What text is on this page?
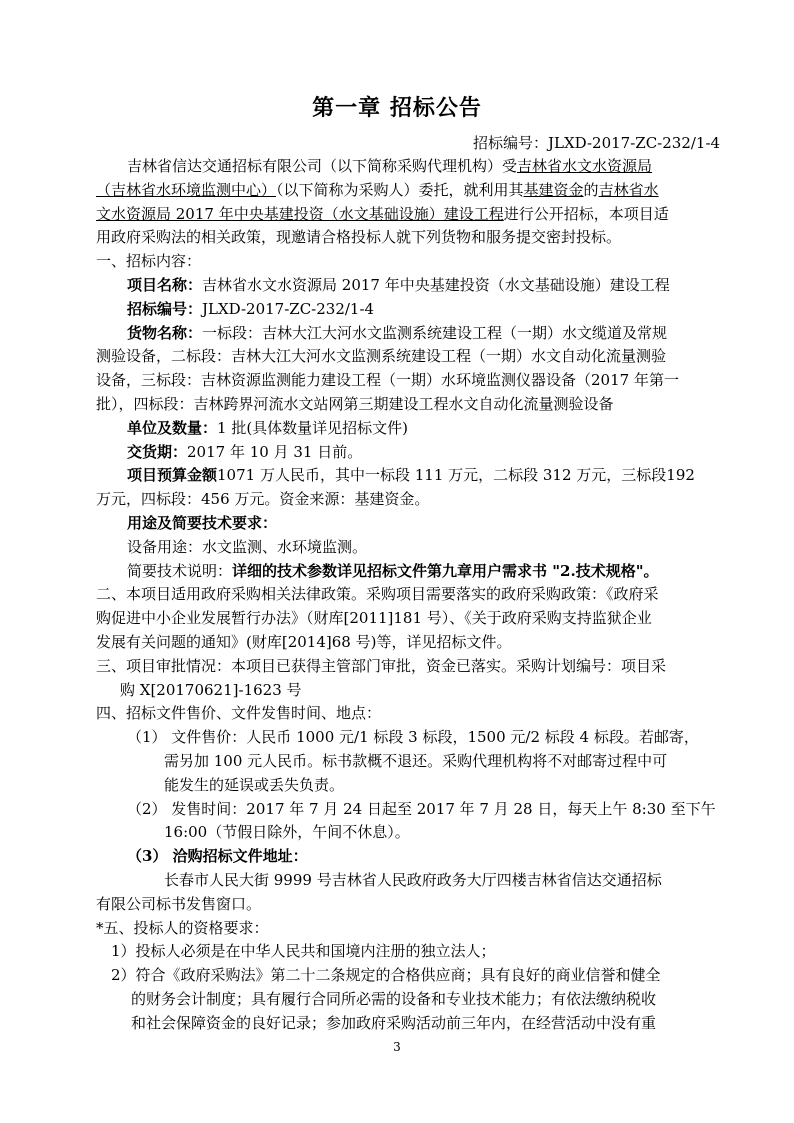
第一章 招标公告
招标编号：JLXD-2017-ZC-232/1-4
吉林省信达交通招标有限公司（以下简称采购代理机构）受吉林省水文水资源局
（吉林省水环境监测中心）（以下简称为采购人）委托，就利用其基建资金的吉林省水
文水资源局 2017 年中央基建投资（水文基础设施）建设工程进行公开招标，本项目适
用政府采购法的相关政策，现邀请合格投标人就下列货物和服务提交密封投标。
一、招标内容：
项目名称：吉林省水文水资源局 2017 年中央基建投资（水文基础设施）建设工程
招标编号：JLXD-2017-ZC-232/1-4
货物名称：一标段：吉林大江大河水文监测系统建设工程（一期）水文缆道及常规
测验设备，二标段：吉林大江大河水文监测系统建设工程（一期）水文自动化流量测验
设备，三标段：吉林资源监测能力建设工程（一期）水环境监测仪器设备（2017 年第一
批），四标段：吉林跨界河流水文站网第三期建设工程水文自动化流量测验设备
单位及数量：1 批(具体数量详见招标文件)
交货期：2017 年 10 月 31 日前。
项目预算金额1071 万人民币，其中一标段 111 万元，二标段 312 万元，三标段192
万元，四标段：456 万元。资金来源：基建资金。
用途及简要技术要求：
设备用途：水文监测、水环境监测。
简要技术说明：详细的技术参数详见招标文件第九章用户需求书 "2.技术规格"。
二、本项目适用政府采购相关法律政策。采购项目需要落实的政府采购政策：《政府采
购促进中小企业发展暂行办法》（财库[2011]181 号）、《关于政府采购支持监狱企业
发展有关问题的通知》(财库[2014]68 号)等，详见招标文件。
三、项目审批情况：本项目已获得主管部门审批，资金已落实。采购计划编号：项目采
购 X[20170621]-1623 号
四、招标文件售价、文件发售时间、地点：
（1） 文件售价：人民币 1000 元/1 标段 3 标段，1500 元/2 标段 4 标段。若邮寄，
需另加 100 元人民币。标书款概不退还。采购代理机构将不对邮寄过程中可
能发生的延误或丢失负责。
（2） 发售时间：2017 年 7 月 24 日起至 2017 年 7 月 28 日，每天上午 8:30 至下午
16:00（节假日除外，午间不休息）。
（3） 洽购招标文件地址：
长春市人民大街 9999 号吉林省人民政府政务大厅四楼吉林省信达交通招标
有限公司标书发售窗口。
*五、投标人的资格要求：
1）投标人必须是在中华人民共和国境内注册的独立法人；
2）符合《政府采购法》第二十二条规定的合格供应商；具有良好的商业信誉和健全
3
的财务会计制度；具有履行合同所必需的设备和专业技术能力；有依法缴纳税收
和社会保障资金的良好记录；参加政府采购活动前三年内，在经营活动中没有重
